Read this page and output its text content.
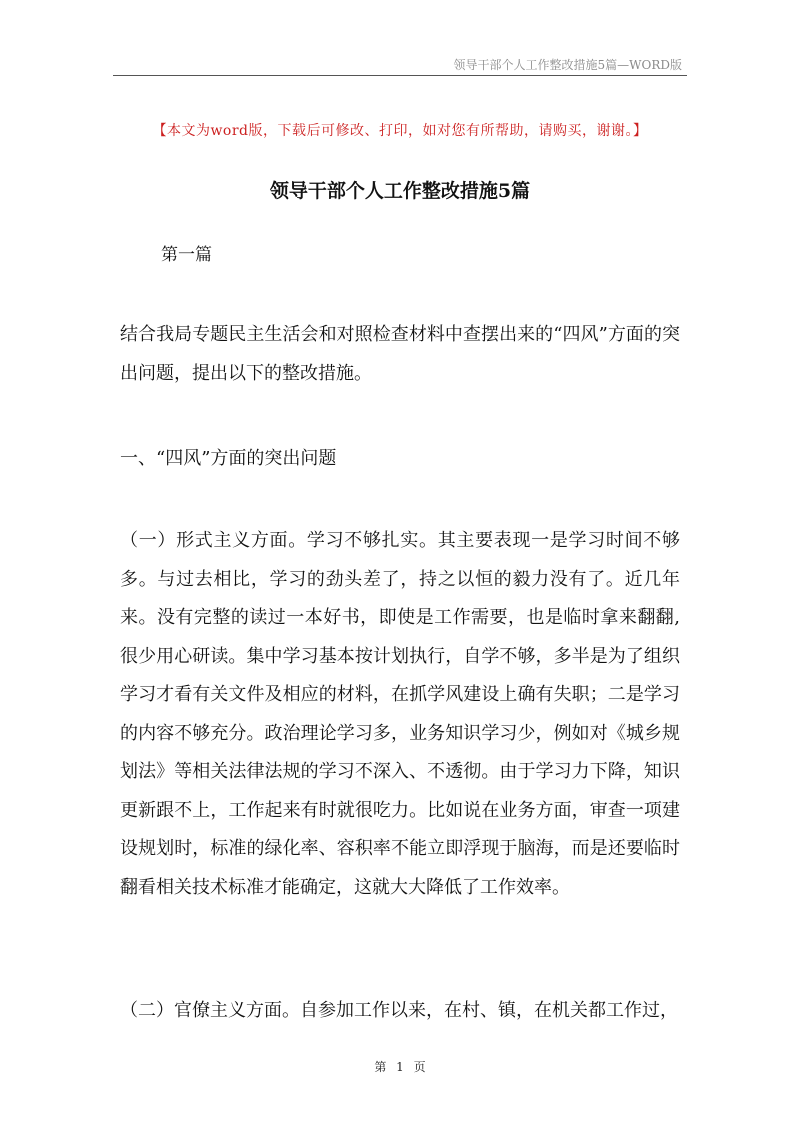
领导干部个人工作整改措施5篇—WORD版
【本文为word版，下载后可修改、打印，如对您有所帮助，请购买，谢谢。】
领导干部个人工作整改措施5篇
第一篇
结合我局专题民主生活会和对照检查材料中查摆出来的“四风”方面的突出问题，提出以下的整改措施。
一、“四风”方面的突出问题
（一）形式主义方面。学习不够扎实。其主要表现一是学习时间不够多。与过去相比，学习的劲头差了，持之以恒的毅力没有了。近几年来。没有完整的读过一本好书，即使是工作需要，也是临时拿来翻翻,很少用心研读。集中学习基本按计划执行，自学不够，多半是为了组织学习才看有关文件及相应的材料，在抓学风建设上确有失职；二是学习的内容不够充分。政治理论学习多，业务知识学习少，例如对《城乡规划法》等相关法律法规的学习不深入、不透彻。由于学习力下降，知识更新跟不上，工作起来有时就很吃力。比如说在业务方面，审查一项建设规划时，标准的绿化率、容积率不能立即浮现于脑海，而是还要临时翻看相关技术标准才能确定，这就大大降低了工作效率。
（二）官僚主义方面。自参加工作以来，在村、镇，在机关都工作过，
第 1 页
